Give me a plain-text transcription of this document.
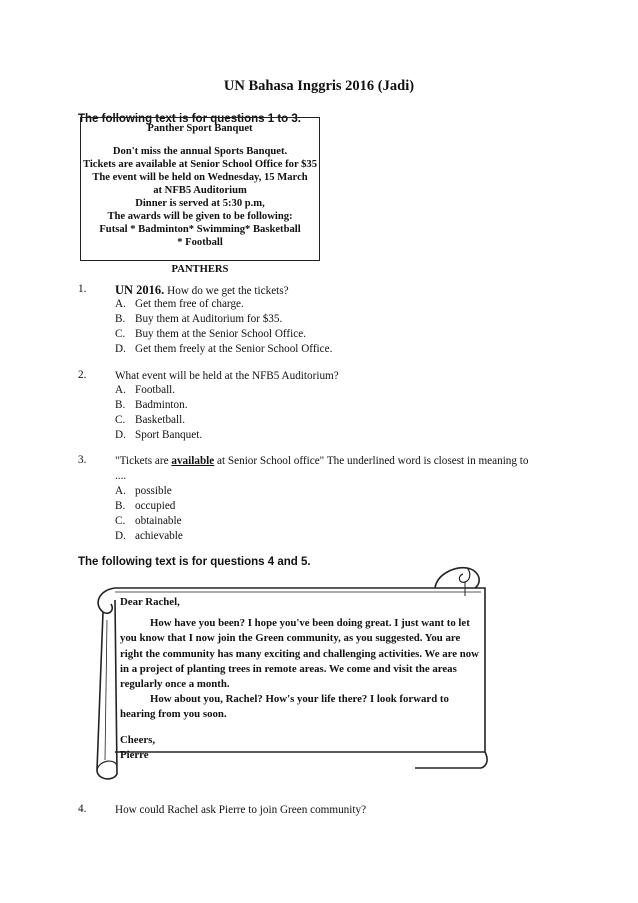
UN Bahasa Inggris 2016 (Jadi)
The following text is for questions 1 to 3.
Panther Sport Banquet
Don't miss the annual Sports Banquet.
Tickets are available at Senior School Office for $35
The event will be held on Wednesday, 15 March
at NFB5 Auditorium
Dinner is served at 5:30 p.m,
The awards will be given to be following:
Futsal * Badminton* Swimming* Basketball
* Football
PANTHERS
1. UN 2016. How do we get the tickets?
A. Get them free of charge.
B. Buy them at Auditorium for $35.
C. Buy them at the Senior School Office.
D. Get them freely at the Senior School Office.
2.	What event will be held at the NFB5 Auditorium?
A. Football.
B. Badminton.
C. Basketball.
D. Sport Banquet.
3.	"Tickets are available at Senior School office" The underlined word is closest in meaning to ....
A. possible
B. occupied
C. obtainable
D. achievable
The following text is for questions 4 and 5.

Dear Rachel,

How have you been? I hope you've been doing great. I just want to let you know that I now join the Green community, as you suggested. You are right the community has many exciting and challenging activities. We are now in a project of planting trees in remote areas. We come and visit the areas regularly once a month.

How about you, Rachel? How's your life there? I look forward to hearing from you soon.

Cheers,

Pierre

4.	How could Rachel ask Pierre to join Green community?
